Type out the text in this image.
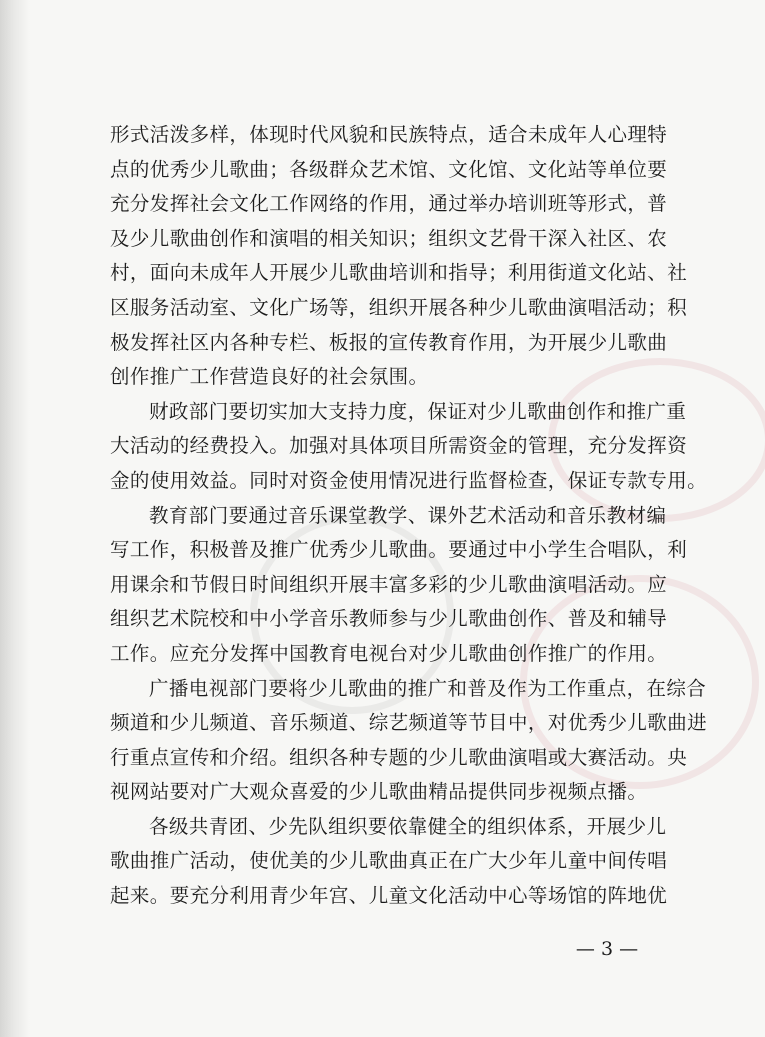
形式活泼多样，体现时代风貌和民族特点，适合未成年人心理特
点的优秀少儿歌曲；各级群众艺术馆、文化馆、文化站等单位要
充分发挥社会文化工作网络的作用，通过举办培训班等形式，普
及少儿歌曲创作和演唱的相关知识；组织文艺骨干深入社区、农
村，面向未成年人开展少儿歌曲培训和指导；利用街道文化站、社
区服务活动室、文化广场等，组织开展各种少儿歌曲演唱活动；积
极发挥社区内各种专栏、板报的宣传教育作用，为开展少儿歌曲
创作推广工作营造良好的社会氛围。
财政部门要切实加大支持力度，保证对少儿歌曲创作和推广重
大活动的经费投入。加强对具体项目所需资金的管理，充分发挥资
金的使用效益。同时对资金使用情况进行监督检查，保证专款专用。
教育部门要通过音乐课堂教学、课外艺术活动和音乐教材编
写工作，积极普及推广优秀少儿歌曲。要通过中小学生合唱队，利
用课余和节假日时间组织开展丰富多彩的少儿歌曲演唱活动。应
组织艺术院校和中小学音乐教师参与少儿歌曲创作、普及和辅导
工作。应充分发挥中国教育电视台对少儿歌曲创作推广的作用。
广播电视部门要将少儿歌曲的推广和普及作为工作重点，在综合
频道和少儿频道、音乐频道、综艺频道等节目中，对优秀少儿歌曲进
行重点宣传和介绍。组织各种专题的少儿歌曲演唱或大赛活动。央
视网站要对广大观众喜爱的少儿歌曲精品提供同步视频点播。
各级共青团、少先队组织要依靠健全的组织体系，开展少儿
歌曲推广活动，使优美的少儿歌曲真正在广大少年儿童中间传唱
起来。要充分利用青少年宫、儿童文化活动中心等场馆的阵地优
— 3 —
